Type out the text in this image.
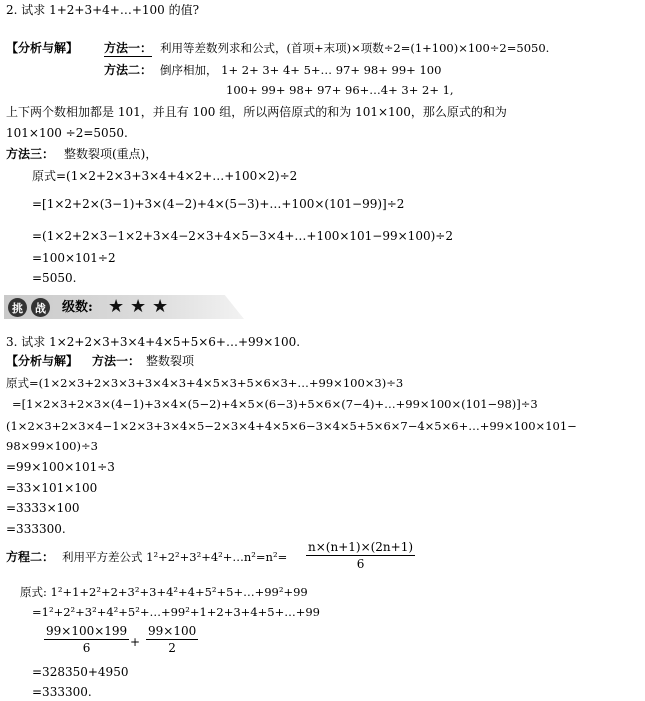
2. 试求 1+2+3+4+…+100 的值?
【分析与解】 方法一： 利用等差数列求和公式，(首项+末项)×项数÷2=(1+100)×100÷2=5050.
方法二： 倒序相加， 1+ 2+ 3+ 4+ 5+… 97+ 98+ 99+ 100
100+ 99+ 98+ 97+ 96+…4+ 3+ 2+ 1,
上下两个数相加都是 101，并且有 100 组，所以两倍原式的和为 101×100，那么原式的和为
101×100 ÷2=5050.
方法三： 整数裂项(重点)，
原式=(1×2+2×3+3×4+4×2+…+100×2)÷2
=[1×2+2×(3−1)+3×(4−2)+4×(5−3)+…+100×(101−99)]÷2
=(1×2+2×3−1×2+3×4−2×3+4×5−3×4+…+100×101−99×100)÷2
=100×101÷2
=5050.
挑	战	级数: ★ ★ ★
3. 试求 1×2+2×3+3×4+4×5+5×6+…+99×100.
【分析与解】 方法一： 整数裂项
原式=(1×2×3+2×3×3+3×4×3+4×5×3+5×6×3+…+99×100×3)÷3
=[1×2×3+2×3×(4−1)+3×4×(5−2)+4×5×(6−3)+5×6×(7−4)+…+99×100×(101−98)]÷3
(1×2×3+2×3×4−1×2×3+3×4×5−2×3×4+4×5×6−3×4×5+5×6×7−4×5×6+…+99×100×101−
98×99×100)÷3
=99×100×101÷3
=33×101×100
=3333×100
=333300.
方程二： 利用平方差公式 1²+2²+3²+4²+…n²=n²= $\frac{n\times(n+1)\times(2n+1)}{6}$
原式: 1²+1+2²+2+3²+3+4²+4+5²+5+…+99²+99
=1²+2²+3²+4²+5²+…+99²+1+2+3+4+5+…+99
$\frac{99\times 100\times 199}{6} + \frac{99\times 100}{2}$
=328350+4950
=333300.
